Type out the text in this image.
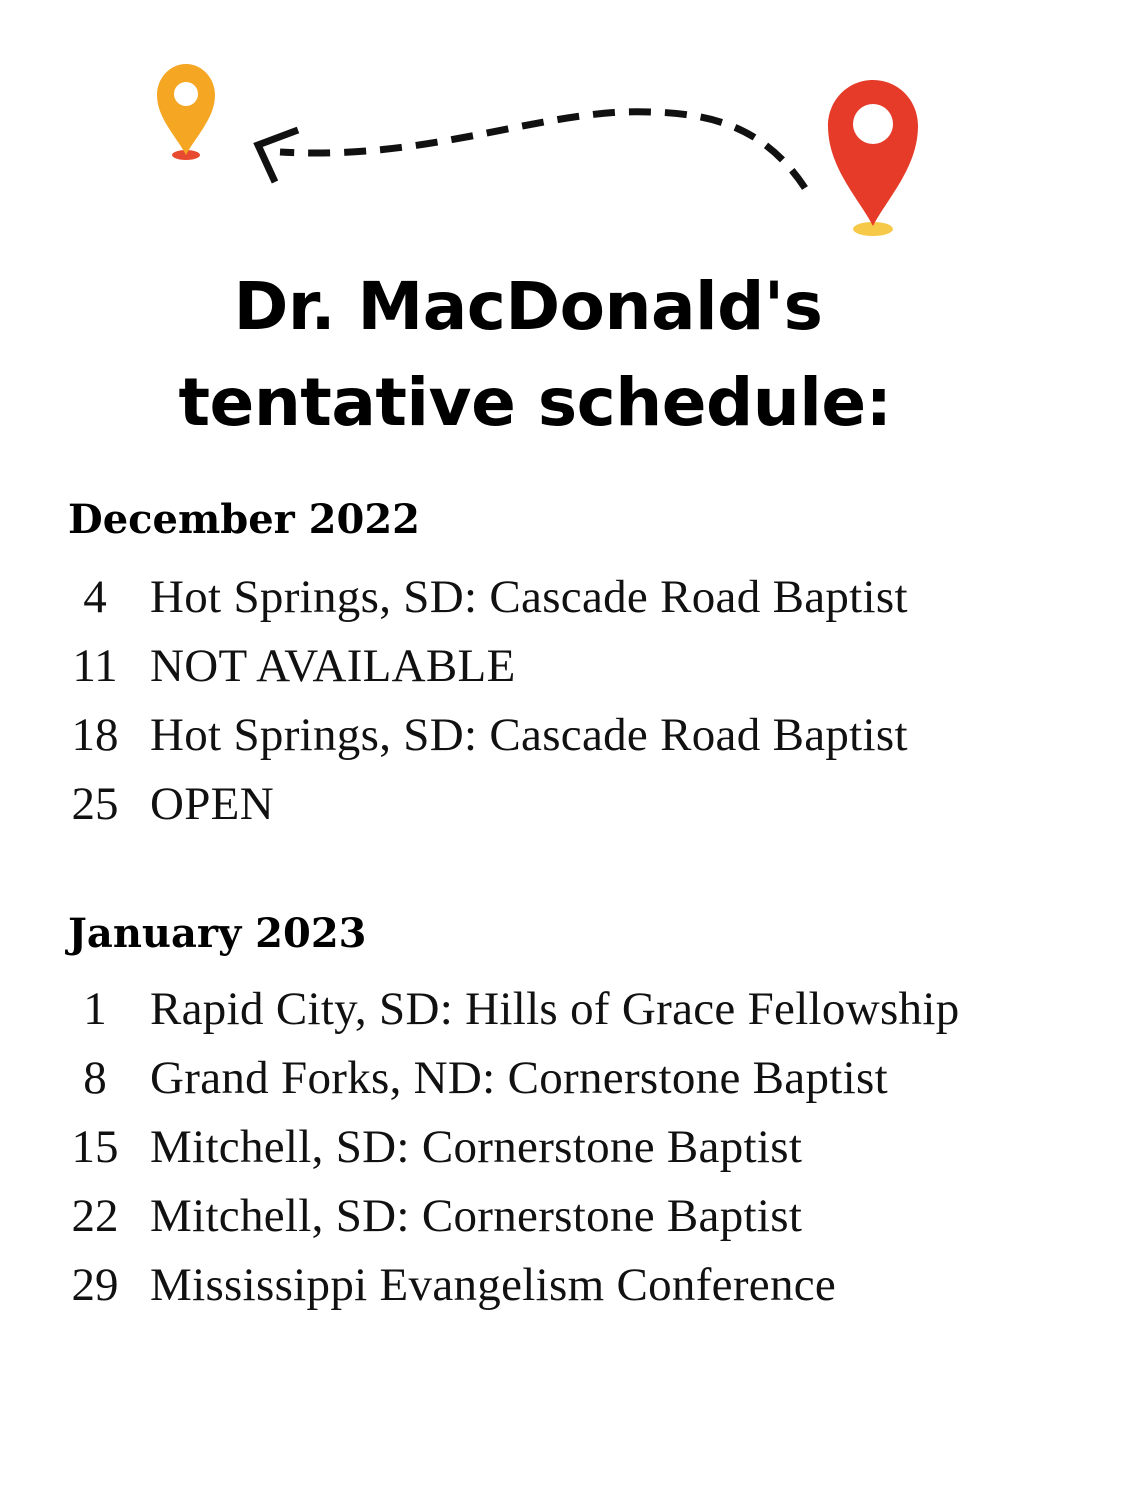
Dr. MacDonald's
tentative schedule:
December 2022
4 Hot Springs, SD: Cascade Road Baptist
11 NOT AVAILABLE
18 Hot Springs, SD: Cascade Road Baptist
25 OPEN
January 2023
1 Rapid City, SD: Hills of Grace Fellowship
8 Grand Forks, ND: Cornerstone Baptist
15 Mitchell, SD: Cornerstone Baptist
22 Mitchell, SD: Cornerstone Baptist
29 Mississippi Evangelism Conference
